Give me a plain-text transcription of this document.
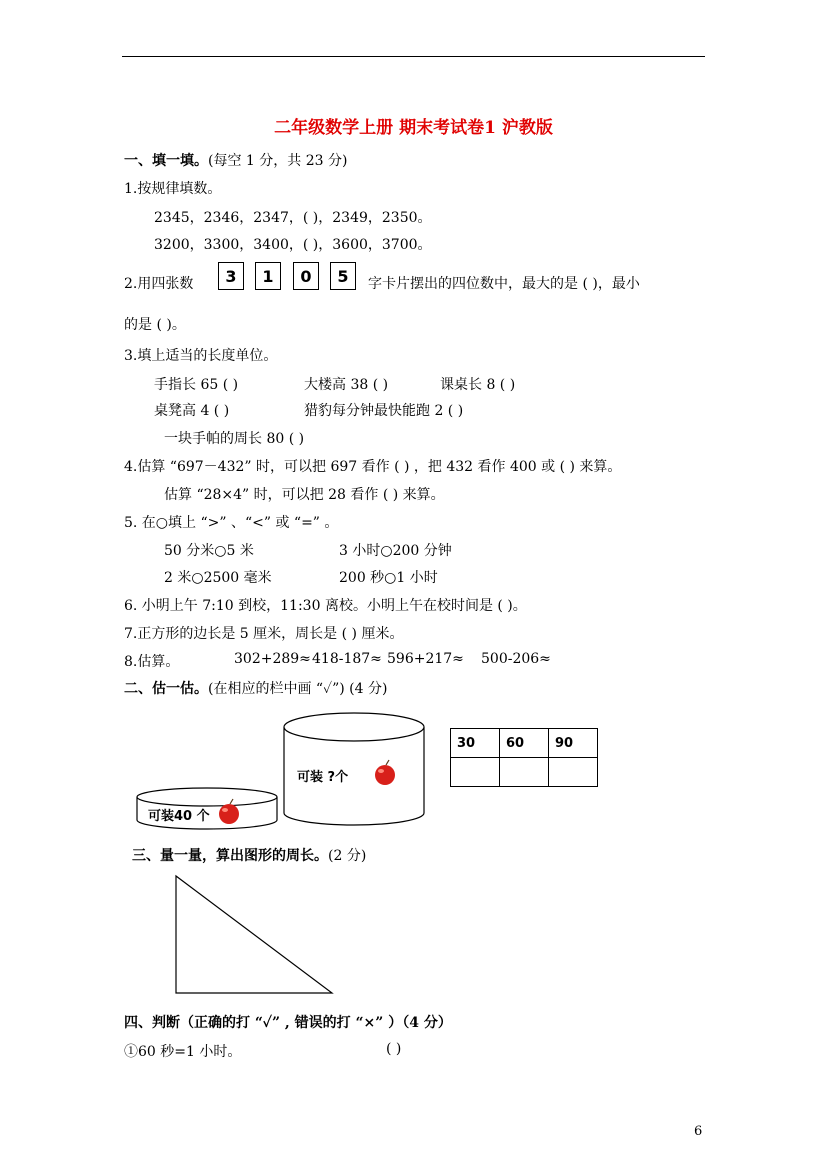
二年级数学上册 期末考试卷1 沪教版
一、填一填。(每空 1 分，共 23 分)
1.按规律填数。
2345，2346，2347，( )，2349，2350。
3200，3300，3400，( )，3600，3700。
2.用四张数	3	1	0	5	字卡片摆出的四位数中，最大的是 ( )，最小
的是 ( )。
3.填上适当的长度单位。
手指长 65 ( )	大楼高 38 ( )	课桌长 8 ( )
桌凳高 4 ( )	猎豹每分钟最快能跑 2 ( )
一块手帕的周长 80 ( )
4.估算 “697－432” 时，可以把 697 看作 ( ) ，把 432 看作 400 或 ( ) 来算。
估算 “28×4” 时，可以把 28 看作 ( ) 来算。
5. 在○填上 “>” 、“<” 或 “=” 。
50 分米○5 米	3 小时○200 分钟
2 米○2500 毫米	200 秒○1 小时
6. 小明上午 7:10 到校，11:30 离校。小明上午在校时间是 ( )。
7.正方形的边长是 5 厘米，周长是 ( ) 厘米。
8.估算。	302+289≈ 418-187≈ 596+217≈ 500-206≈
二、估一估。(在相应的栏中画 “✓”) (4 分)
可装 ?个
可装40 个
30	60	90

三、量一量，算出图形的周长。(2 分)
四、判断（正确的打 “✓” , 错误的打 “×” ）（4 分）
①60 秒=1 小时。	( )
6
